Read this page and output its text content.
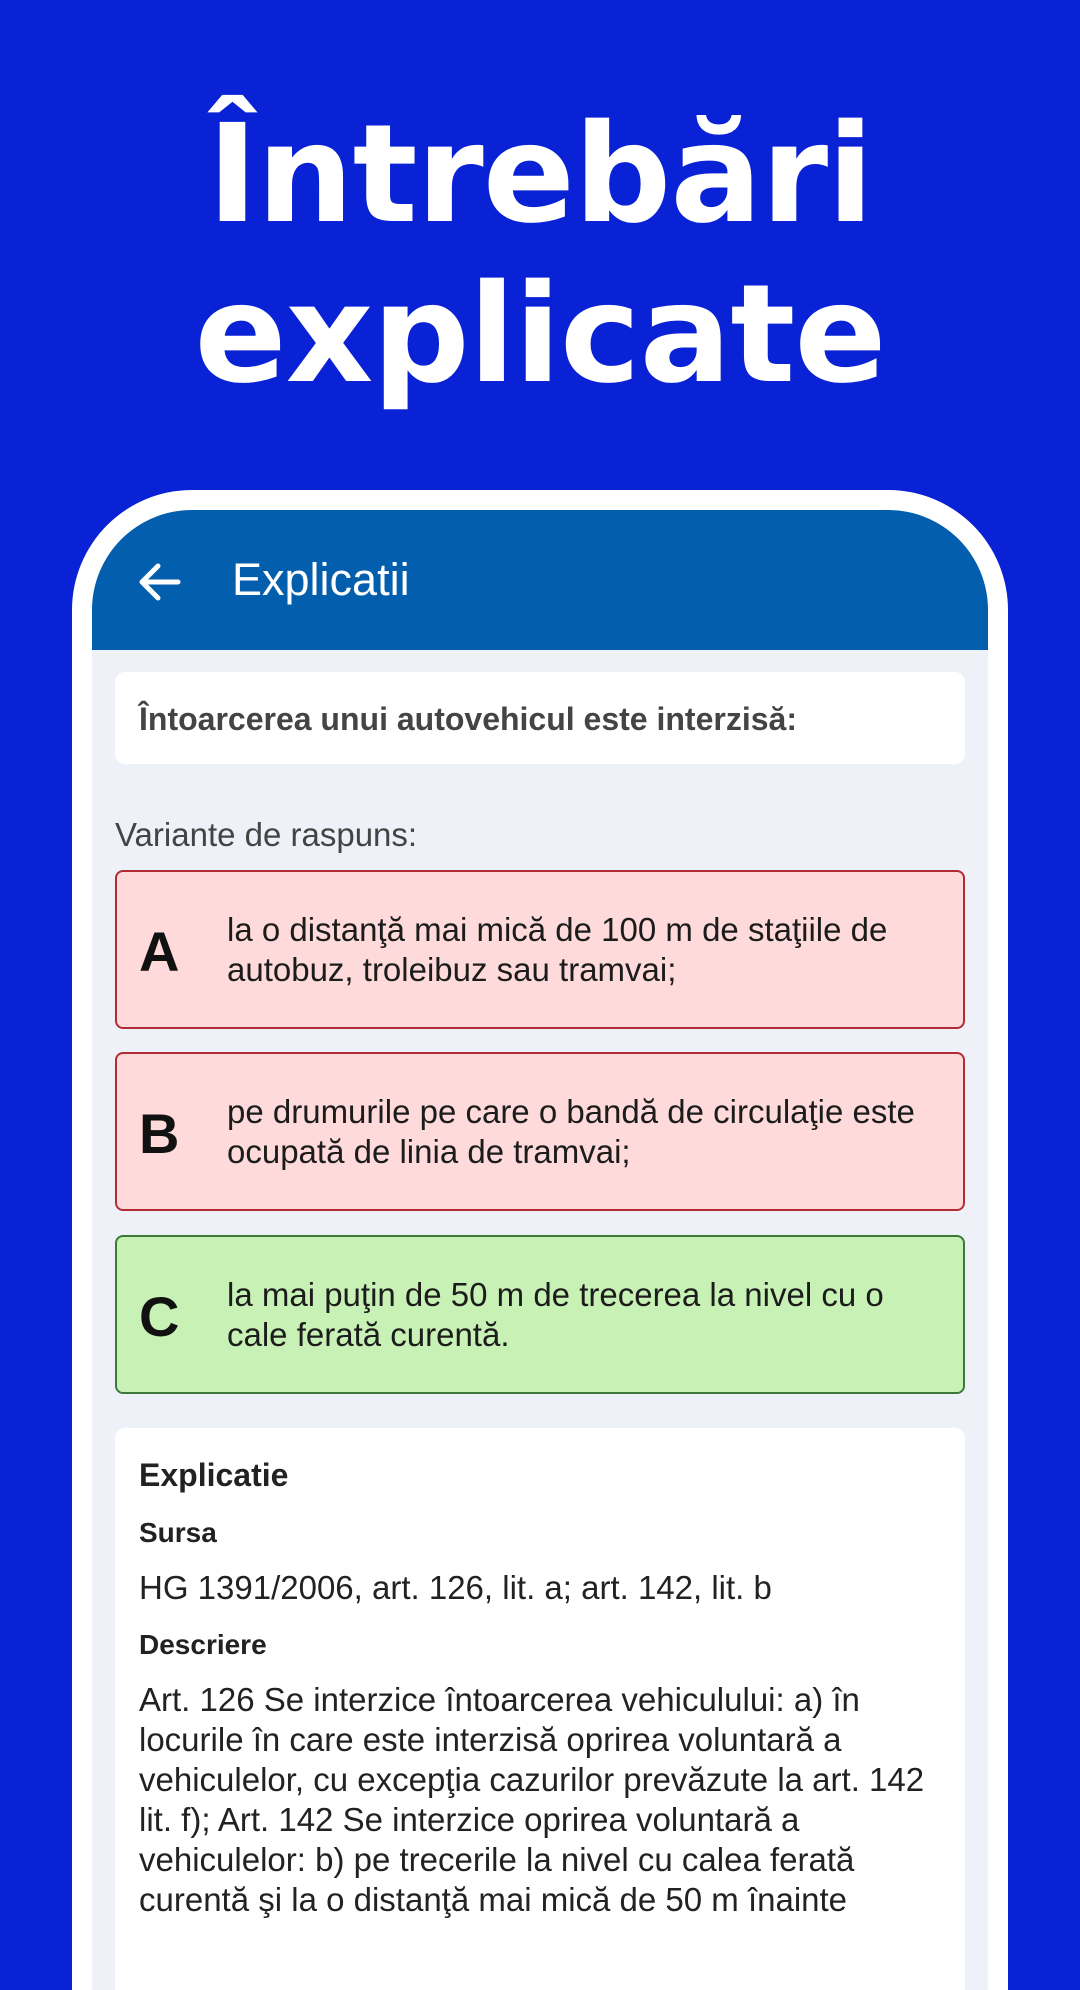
Întrebări
explicate
Explicatii
Întoarcerea unui autovehicul este interzisă:
Variante de raspuns:
A la o distanţă mai mică de 100 m de staţiile de autobuz, troleibuz sau tramvai;
B pe drumurile pe care o bandă de circulaţie este ocupată de linia de tramvai;
C la mai puţin de 50 m de trecerea la nivel cu o cale ferată curentă.
Explicatie
Sursa
HG 1391/2006, art. 126, lit. a; art. 142, lit. b
Descriere
Art. 126 Se interzice întoarcerea vehiculului: a) în locurile în care este interzisă oprirea voluntară a vehiculelor, cu excepţia cazurilor prevăzute la art. 142 lit. f); Art. 142 Se interzice oprirea voluntară a vehiculelor: b) pe trecerile la nivel cu calea ferată curentă şi la o distanţă mai mică de 50 m înainte
